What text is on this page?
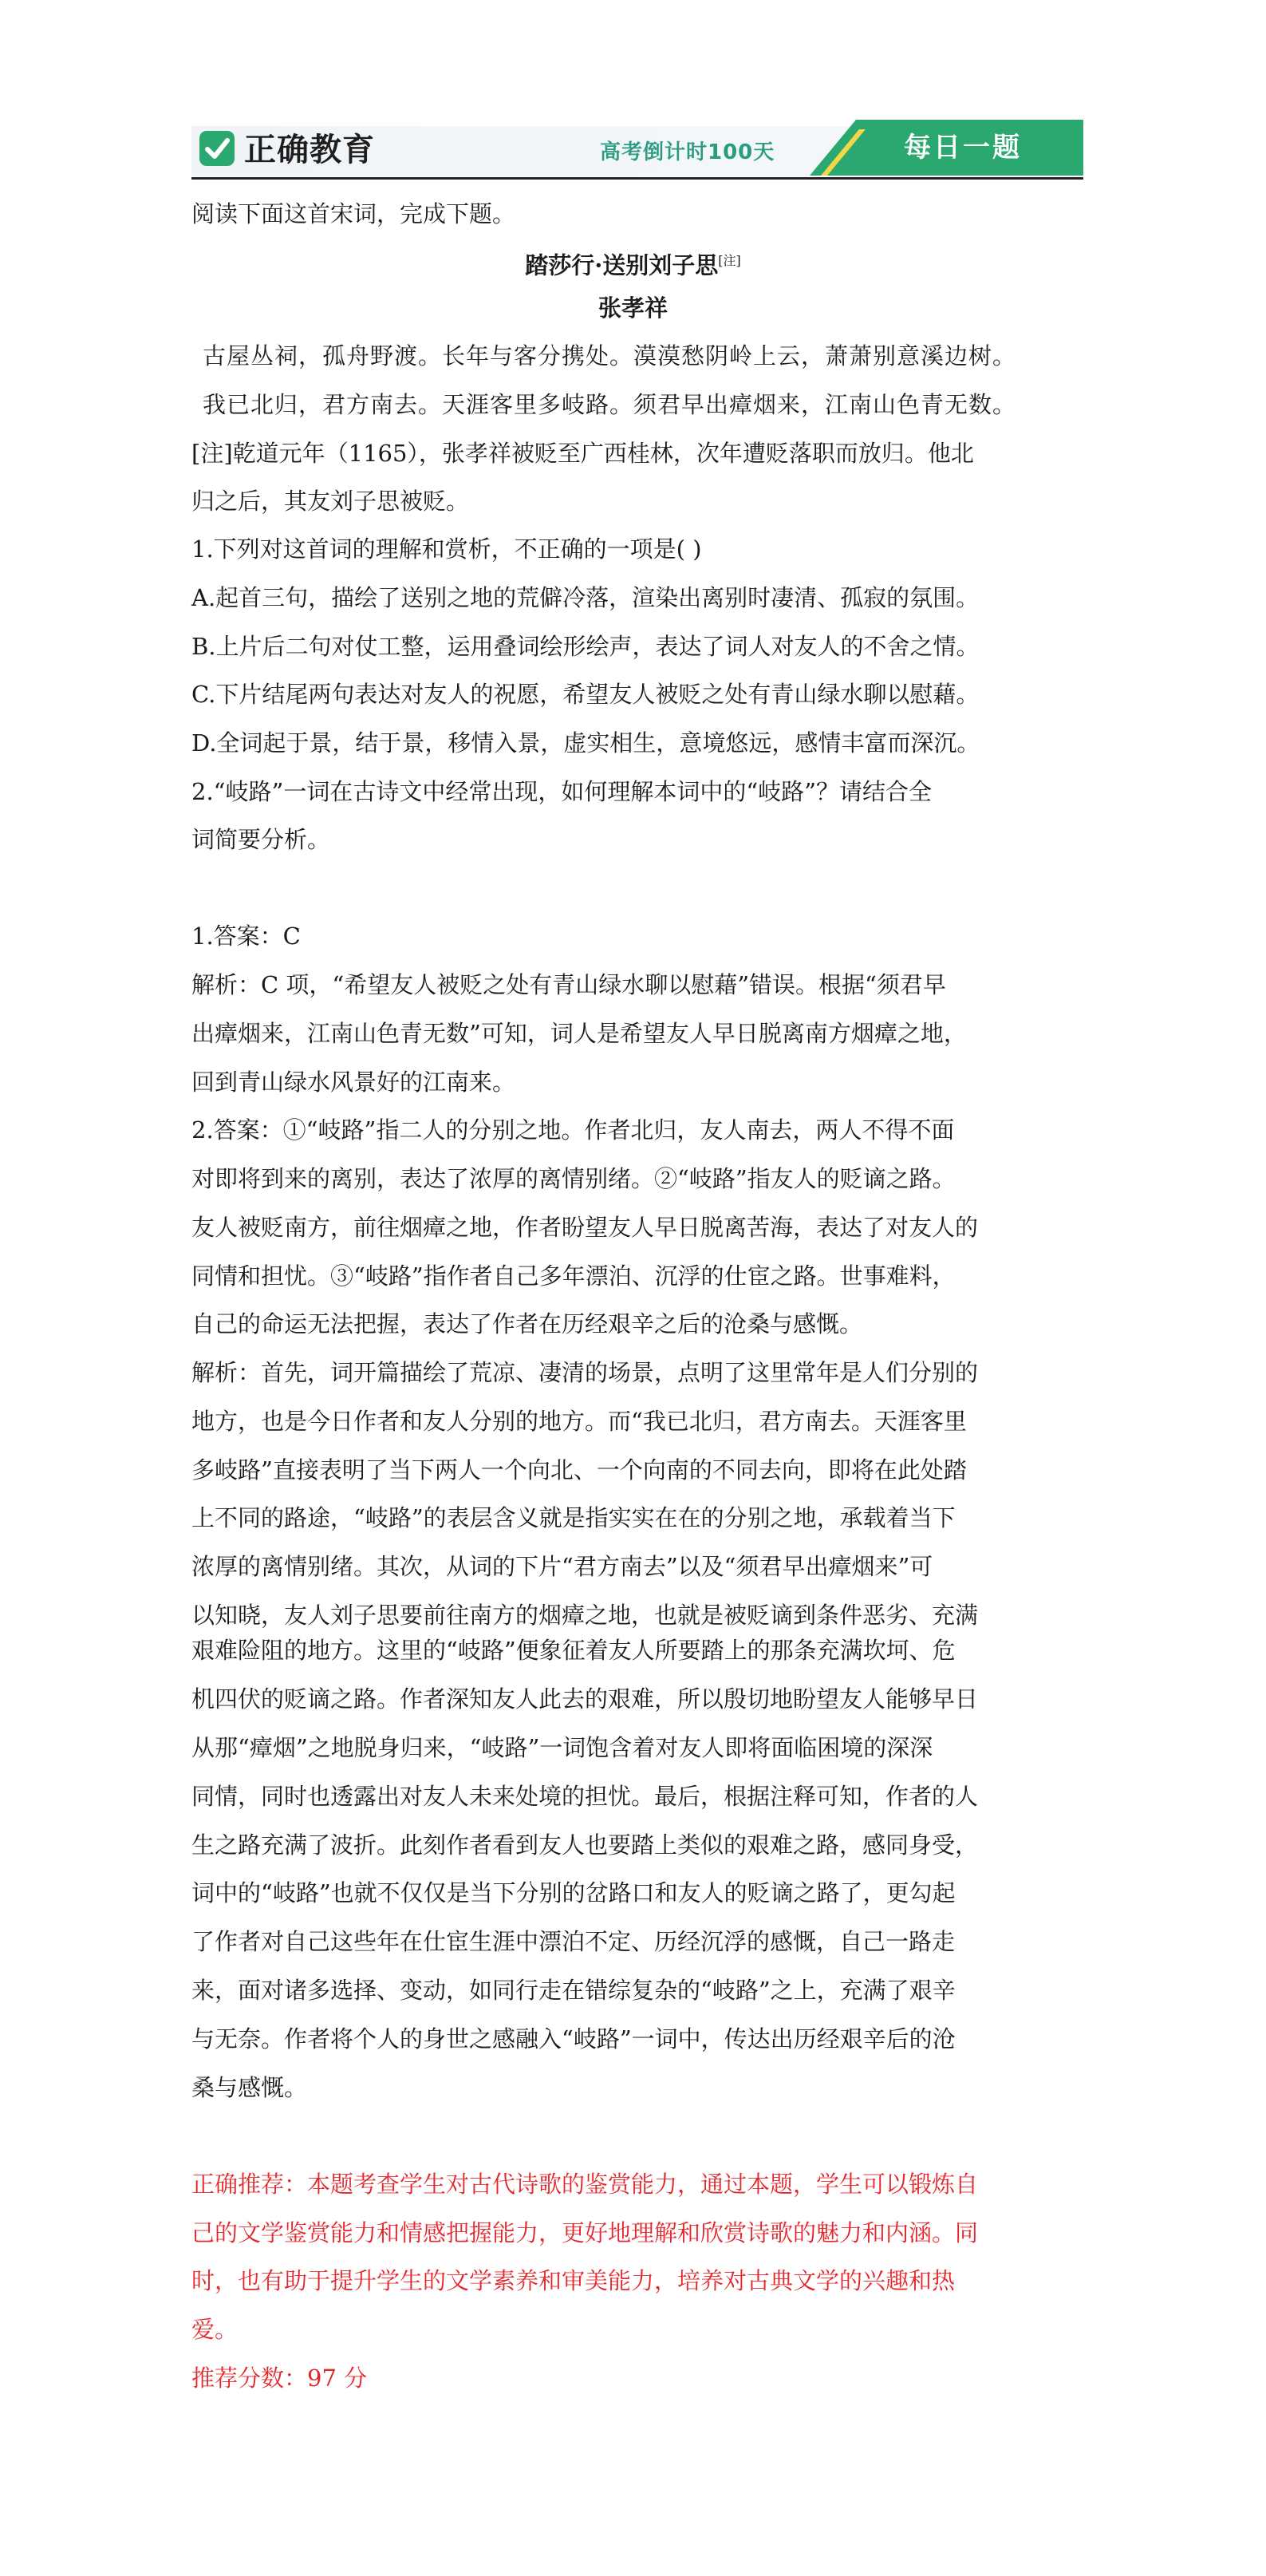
正确教育	高考倒计时100天	每日一题
阅读下面这首宋词，完成下题。
踏莎行·送别刘子思[注]
张孝祥
古屋丛祠，孤舟野渡。长年与客分携处。漠漠愁阴岭上云，萧萧别意溪边树。
我已北归，君方南去。天涯客里多岐路。须君早出瘴烟来，江南山色青无数。
[注]乾道元年（1165），张孝祥被贬至广西桂林，次年遭贬落职而放归。他北
归之后，其友刘子思被贬。
1.下列对这首词的理解和赏析，不正确的一项是( )
A.起首三句，描绘了送别之地的荒僻冷落，渲染出离别时凄清、孤寂的氛围。
B.上片后二句对仗工整，运用叠词绘形绘声，表达了词人对友人的不舍之情。
C.下片结尾两句表达对友人的祝愿，希望友人被贬之处有青山绿水聊以慰藉。
D.全词起于景，结于景，移情入景，虚实相生，意境悠远，感情丰富而深沉。
2.“岐路”一词在古诗文中经常出现，如何理解本词中的“岐路”？请结合全
词简要分析。
1.答案：C
解析：C 项，“希望友人被贬之处有青山绿水聊以慰藉”错误。根据“须君早
出瘴烟来，江南山色青无数”可知，词人是希望友人早日脱离南方烟瘴之地，
回到青山绿水风景好的江南来。
2.答案：①“岐路”指二人的分别之地。作者北归，友人南去，两人不得不面
对即将到来的离别，表达了浓厚的离情别绪。②“岐路”指友人的贬谪之路。
友人被贬南方，前往烟瘴之地，作者盼望友人早日脱离苦海，表达了对友人的
同情和担忧。③“岐路”指作者自己多年漂泊、沉浮的仕宦之路。世事难料，
自己的命运无法把握，表达了作者在历经艰辛之后的沧桑与感慨。
解析：首先，词开篇描绘了荒凉、凄清的场景，点明了这里常年是人们分别的
地方，也是今日作者和友人分别的地方。而“我已北归，君方南去。天涯客里
多岐路”直接表明了当下两人一个向北、一个向南的不同去向，即将在此处踏
上不同的路途，“岐路”的表层含义就是指实实在在的分别之地，承载着当下
浓厚的离情别绪。其次，从词的下片“君方南去”以及“须君早出瘴烟来”可
以知晓，友人刘子思要前往南方的烟瘴之地，也就是被贬谪到条件恶劣、充满
艰难险阻的地方。这里的“岐路”便象征着友人所要踏上的那条充满坎坷、危
机四伏的贬谪之路。作者深知友人此去的艰难，所以殷切地盼望友人能够早日
从那“瘴烟”之地脱身归来，“岐路”一词饱含着对友人即将面临困境的深深
同情，同时也透露出对友人未来处境的担忧。最后，根据注释可知，作者的人
生之路充满了波折。此刻作者看到友人也要踏上类似的艰难之路，感同身受，
词中的“岐路”也就不仅仅是当下分别的岔路口和友人的贬谪之路了，更勾起
了作者对自己这些年在仕宦生涯中漂泊不定、历经沉浮的感慨，自己一路走
来，面对诸多选择、变动，如同行走在错综复杂的“岐路”之上，充满了艰辛
与无奈。作者将个人的身世之感融入“岐路”一词中，传达出历经艰辛后的沧
桑与感慨。
正确推荐：本题考查学生对古代诗歌的鉴赏能力，通过本题，学生可以锻炼自
己的文学鉴赏能力和情感把握能力，更好地理解和欣赏诗歌的魅力和内涵。同
时，也有助于提升学生的文学素养和审美能力，培养对古典文学的兴趣和热
爱。
推荐分数：97 分
